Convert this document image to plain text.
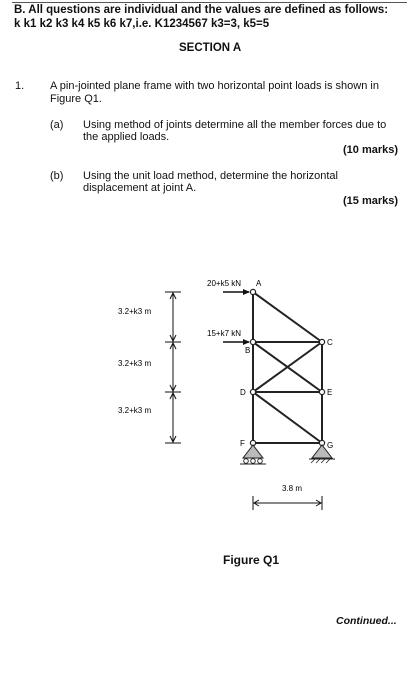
B. All questions are individual and the values are defined as follows:
k k1 k2 k3 k4 k5 k6 k7,i.e. K1234567 k3=3, k5=5
SECTION A
1. A pin-jointed plane frame with two horizontal point loads is shown in
Figure Q1.
(a) Using method of joints determine all the member forces due to
the applied loads.
(10 marks)
(b) Using the unit load method, determine the horizontal
displacement at joint A.
(15 marks)
20+k5 kN A
15+k7 kN
B
C
D	E
F	G
3.2+k3 m
3.2+k3 m
3.2+k3 m
3.8 m
Figure Q1
Continued...
